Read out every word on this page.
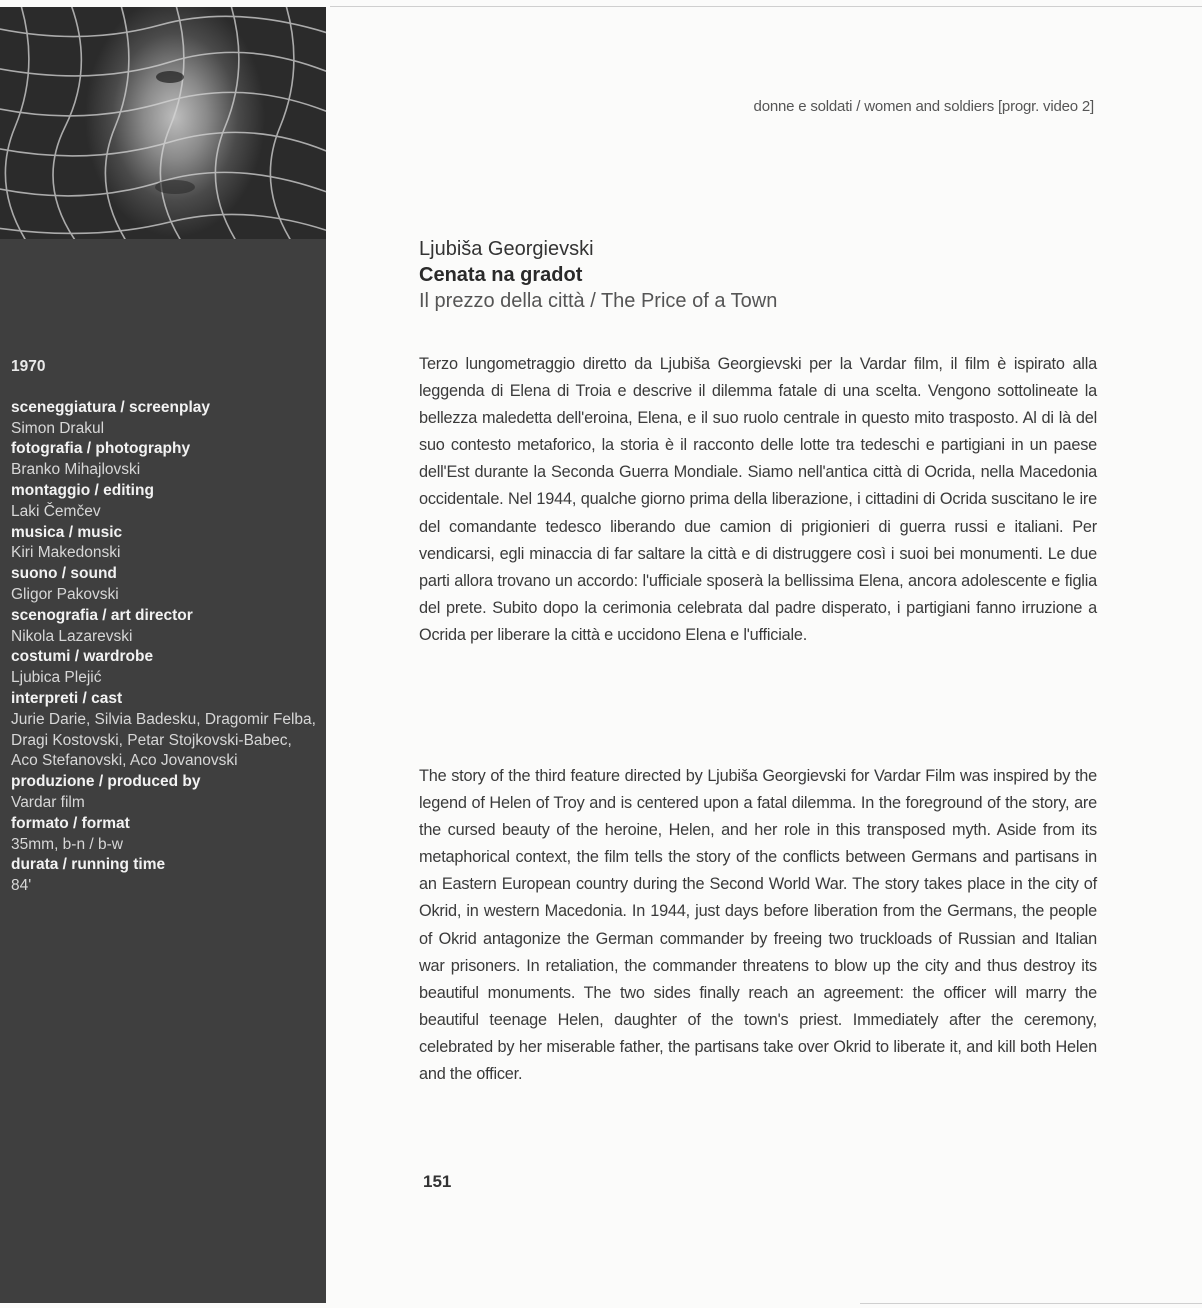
1970
sceneggiatura / screenplay
Simon Drakul
fotografia / photography
Branko Mihajlovski
montaggio / editing
Laki Čemčev
musica / music
Kiri Makedonski
suono / sound
Gligor Pakovski
scenografia / art director
Nikola Lazarevski
costumi / wardrobe
Ljubica Plejić
interpreti / cast
Jurie Darie, Silvia Badesku, Dragomir Felba, Dragi Kostovski, Petar Stojkovski-Babec, Aco Stefanovski, Aco Jovanovski
produzione / produced by
Vardar film
formato / format
35mm, b-n / b-w
durata / running time
84'
donne e soldati / women and soldiers [progr. video 2]
Ljubiša Georgievski
Cenata na gradot
Il prezzo della città / The Price of a Town

Terzo lungometraggio diretto da Ljubiša Georgievski per la Vardar film, il film è ispirato alla leggenda di Elena di Troia e descrive il dilemma fatale di una scelta. Vengono sottolineate la bellezza maledetta dell'eroina, Elena, e il suo ruolo centrale in questo mito trasposto. Al di là del suo contesto metaforico, la storia è il racconto delle lotte tra tedeschi e partigiani in un paese dell'Est durante la Seconda Guerra Mondiale. Siamo nell'antica città di Ocrida, nella Macedonia occidentale. Nel 1944, qualche giorno prima della liberazione, i cittadini di Ocrida suscitano le ire del comandante tedesco liberando due camion di prigionieri di guerra russi e italiani. Per vendicarsi, egli minaccia di far saltare la città e di distruggere così i suoi bei monumenti. Le due parti allora trovano un accordo: l'ufficiale sposerà la bellissima Elena, ancora adolescente e figlia del prete. Subito dopo la cerimonia celebrata dal padre disperato, i partigiani fanno irruzione a Ocrida per liberare la città e uccidono Elena e l'ufficiale.

The story of the third feature directed by Ljubiša Georgievski for Vardar Film was inspired by the legend of Helen of Troy and is centered upon a fatal dilemma. In the foreground of the story, are the cursed beauty of the heroine, Helen, and her role in this transposed myth. Aside from its metaphorical context, the film tells the story of the conflicts between Germans and partisans in an Eastern European country during the Second World War. The story takes place in the city of Okrid, in western Macedonia. In 1944, just days before liberation from the Germans, the people of Okrid antagonize the German commander by freeing two truckloads of Russian and Italian war prisoners. In retaliation, the commander threatens to blow up the city and thus destroy its beautiful monuments. The two sides finally reach an agreement: the officer will marry the beautiful teenage Helen, daughter of the town's priest. Immediately after the ceremony, celebrated by her miserable father, the partisans take over Okrid to liberate it, and kill both Helen and the officer.

151
